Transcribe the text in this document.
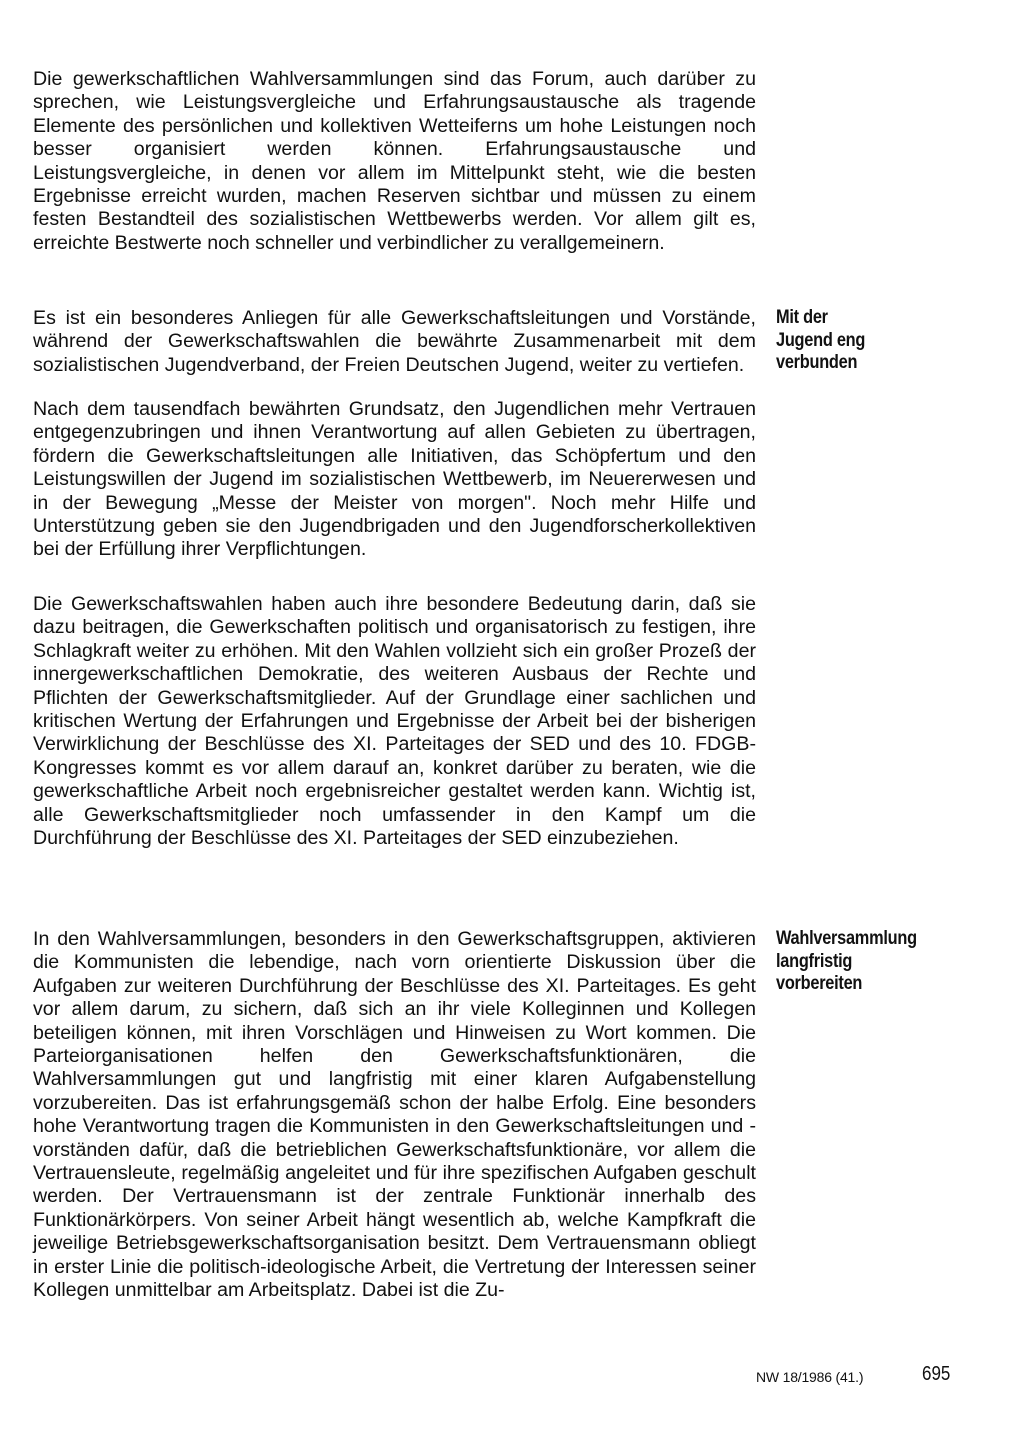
Die gewerkschaftlichen Wahlversammlungen sind das Forum, auch darüber zu sprechen, wie Leistungsvergleiche und Erfahrungsaustausche als tragende Elemente des persönlichen und kollektiven Wetteiferns um hohe Leistungen noch besser organisiert werden können. Erfahrungsaustausche und Leistungsvergleiche, in denen vor allem im Mittelpunkt steht, wie die besten Ergebnisse erreicht wurden, machen Reserven sichtbar und müssen zu einem festen Bestandteil des sozialistischen Wettbewerbs werden. Vor allem gilt es, erreichte Bestwerte noch schneller und verbindlicher zu verallgemeinern.

Es ist ein besonderes Anliegen für alle Gewerkschaftsleitungen und Vorstände, während der Gewerkschaftswahlen die bewährte Zusammenarbeit mit dem sozialistischen Jugendverband, der Freien Deutschen Jugend, weiter zu vertiefen.

Nach dem tausendfach bewährten Grundsatz, den Jugendlichen mehr Vertrauen entgegenzubringen und ihnen Verantwortung auf allen Gebieten zu übertragen, fördern die Gewerkschaftsleitungen alle Initiativen, das Schöpfertum und den Leistungswillen der Jugend im sozialistischen Wettbewerb, im Neuererwesen und in der Bewegung „Messe der Meister von morgen". Noch mehr Hilfe und Unterstützung geben sie den Jugendbrigaden und den Jugendforscherkollektiven bei der Erfüllung ihrer Verpflichtungen.

Die Gewerkschaftswahlen haben auch ihre besondere Bedeutung darin, daß sie dazu beitragen, die Gewerkschaften politisch und organisatorisch zu festigen, ihre Schlagkraft weiter zu erhöhen. Mit den Wahlen vollzieht sich ein großer Prozeß der innergewerkschaftlichen Demokratie, des weiteren Ausbaus der Rechte und Pflichten der Gewerkschaftsmitglieder. Auf der Grundlage einer sachlichen und kritischen Wertung der Erfahrungen und Ergebnisse der Arbeit bei der bisherigen Verwirklichung der Beschlüsse des XI. Parteitages der SED und des 10. FDGB-Kongresses kommt es vor allem darauf an, konkret darüber zu beraten, wie die gewerkschaftliche Arbeit noch ergebnisreicher gestaltet werden kann. Wichtig ist, alle Gewerkschaftsmitglieder noch umfassender in den Kampf um die Durchführung der Beschlüsse des XI. Parteitages der SED einzubeziehen.

In den Wahlversammlungen, besonders in den Gewerkschaftsgruppen, aktivieren die Kommunisten die lebendige, nach vorn orientierte Diskussion über die Aufgaben zur weiteren Durchführung der Beschlüsse des XI. Parteitages. Es geht vor allem darum, zu sichern, daß sich an ihr viele Kolleginnen und Kollegen beteiligen können, mit ihren Vorschlägen und Hinweisen zu Wort kommen. Die Parteiorganisationen helfen den Gewerkschaftsfunktionären, die Wahlversammlungen gut und langfristig mit einer klaren Aufgabenstellung vorzubereiten. Das ist erfahrungsgemäß schon der halbe Erfolg. Eine besonders hohe Verantwortung tragen die Kommunisten in den Gewerkschaftsleitungen und -vorständen dafür, daß die betrieblichen Gewerkschaftsfunktionäre, vor allem die Vertrauensleute, regelmäßig angeleitet und für ihre spezifischen Aufgaben geschult werden. Der Vertrauensmann ist der zentrale Funktionär innerhalb des Funktionärkörpers. Von seiner Arbeit hängt wesentlich ab, welche Kampfkraft die jeweilige Betriebsgewerkschaftsorganisation besitzt. Dem Vertrauensmann obliegt in erster Linie die politisch-ideologische Arbeit, die Vertretung der Interessen seiner Kollegen unmittelbar am Arbeitsplatz. Dabei ist die Zu-

Mit der
Jugend eng
verbunden

Wahlversammlung
langfristig
vorbereiten

NW 18/1986 (41.)	695
